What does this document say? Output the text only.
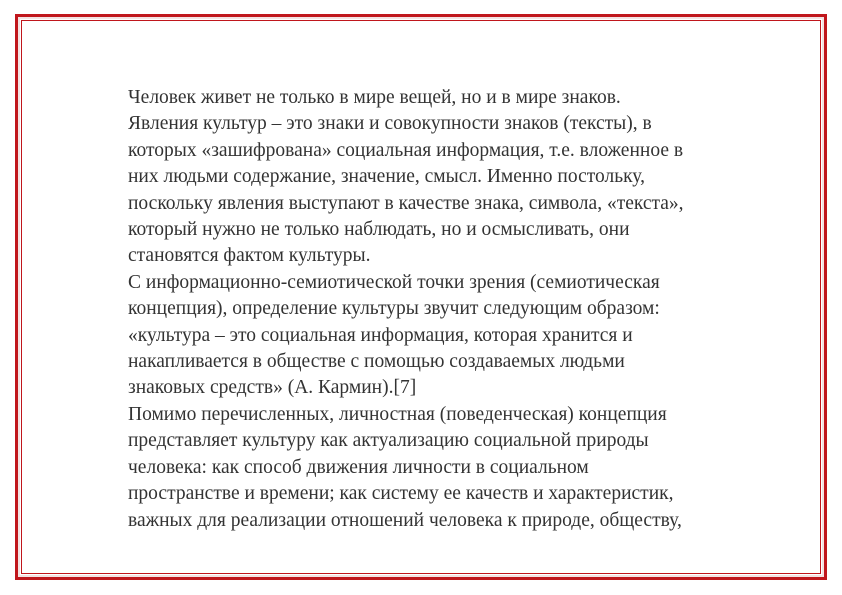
Человек живет не только в мире вещей, но и в мире знаков.
Явления культур – это знаки и совокупности знаков (тексты), в
которых «зашифрована» социальная информация, т.е. вложенное в
них людьми содержание, значение, смысл. Именно постольку,
поскольку явления выступают в качестве знака, символа, «текста»,
который нужно не только наблюдать, но и осмысливать, они
становятся фактом культуры.
С информационно-семиотической точки зрения (семиотическая
концепция), определение культуры звучит следующим образом:
«культура – это социальная информация, которая хранится и
накапливается в обществе с помощью создаваемых людьми
знаковых средств» (А. Кармин).[7]
Помимо перечисленных, личностная (поведенческая) концепция
представляет культуру как актуализацию социальной природы
человека: как способ движения личности в социальном
пространстве и времени; как систему ее качеств и характеристик,
важных для реализации отношений человека к природе, обществу,
